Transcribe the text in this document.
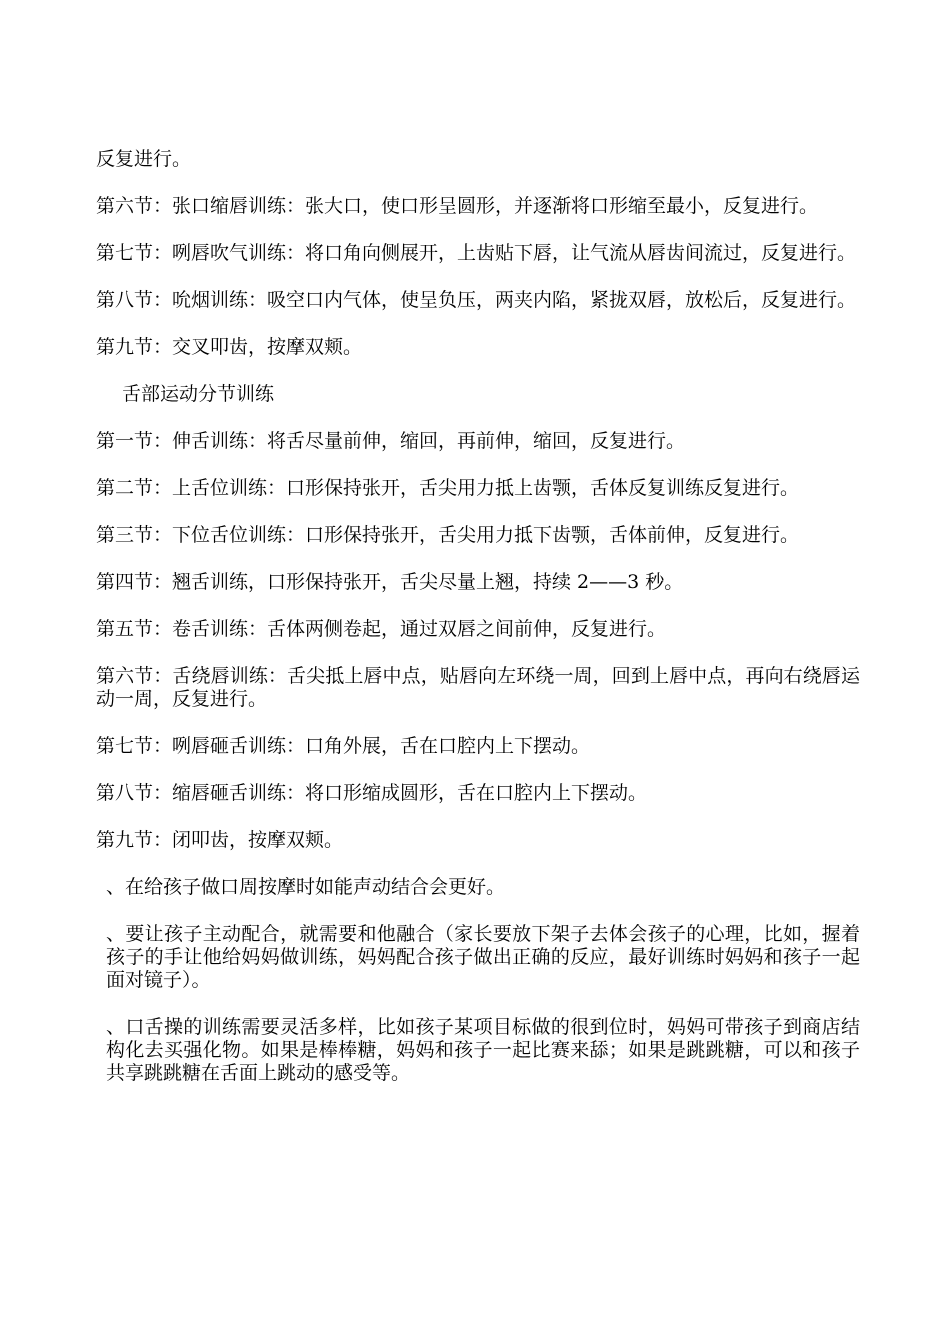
反复进行。

第六节：张口缩唇训练：张大口，使口形呈圆形，并逐渐将口形缩至最小，反复进行。

第七节：咧唇吹气训练：将口角向侧展开，上齿贴下唇，让气流从唇齿间流过，反复进行。

第八节：吮烟训练：吸空口内气体，使呈负压，两夹内陷，紧拢双唇，放松后，反复进行。

第九节：交叉叩齿，按摩双颊。

舌部运动分节训练

第一节：伸舌训练：将舌尽量前伸，缩回，再前伸，缩回，反复进行。

第二节：上舌位训练：口形保持张开，舌尖用力抵上齿颚，舌体反复训练反复进行。

第三节：下位舌位训练：口形保持张开，舌尖用力抵下齿颚，舌体前伸，反复进行。

第四节：翘舌训练，口形保持张开，舌尖尽量上翘，持续 2——3 秒。

第五节：卷舌训练：舌体两侧卷起，通过双唇之间前伸，反复进行。

第六节：舌绕唇训练：舌尖抵上唇中点，贴唇向左环绕一周，回到上唇中点，再向右绕唇运动一周，反复进行。

第七节：咧唇砸舌训练：口角外展，舌在口腔内上下摆动。

第八节：缩唇砸舌训练：将口形缩成圆形，舌在口腔内上下摆动。

第九节：闭叩齿，按摩双颊。

、在给孩子做口周按摩时如能声动结合会更好。

、要让孩子主动配合，就需要和他融合（家长要放下架子去体会孩子的心理，比如，握着孩子的手让他给妈妈做训练，妈妈配合孩子做出正确的反应，最好训练时妈妈和孩子一起面对镜子）。

、口舌操的训练需要灵活多样，比如孩子某项目标做的很到位时，妈妈可带孩子到商店结构化去买强化物。如果是棒棒糖，妈妈和孩子一起比赛来舔；如果是跳跳糖，可以和孩子共享跳跳糖在舌面上跳动的感受等。
